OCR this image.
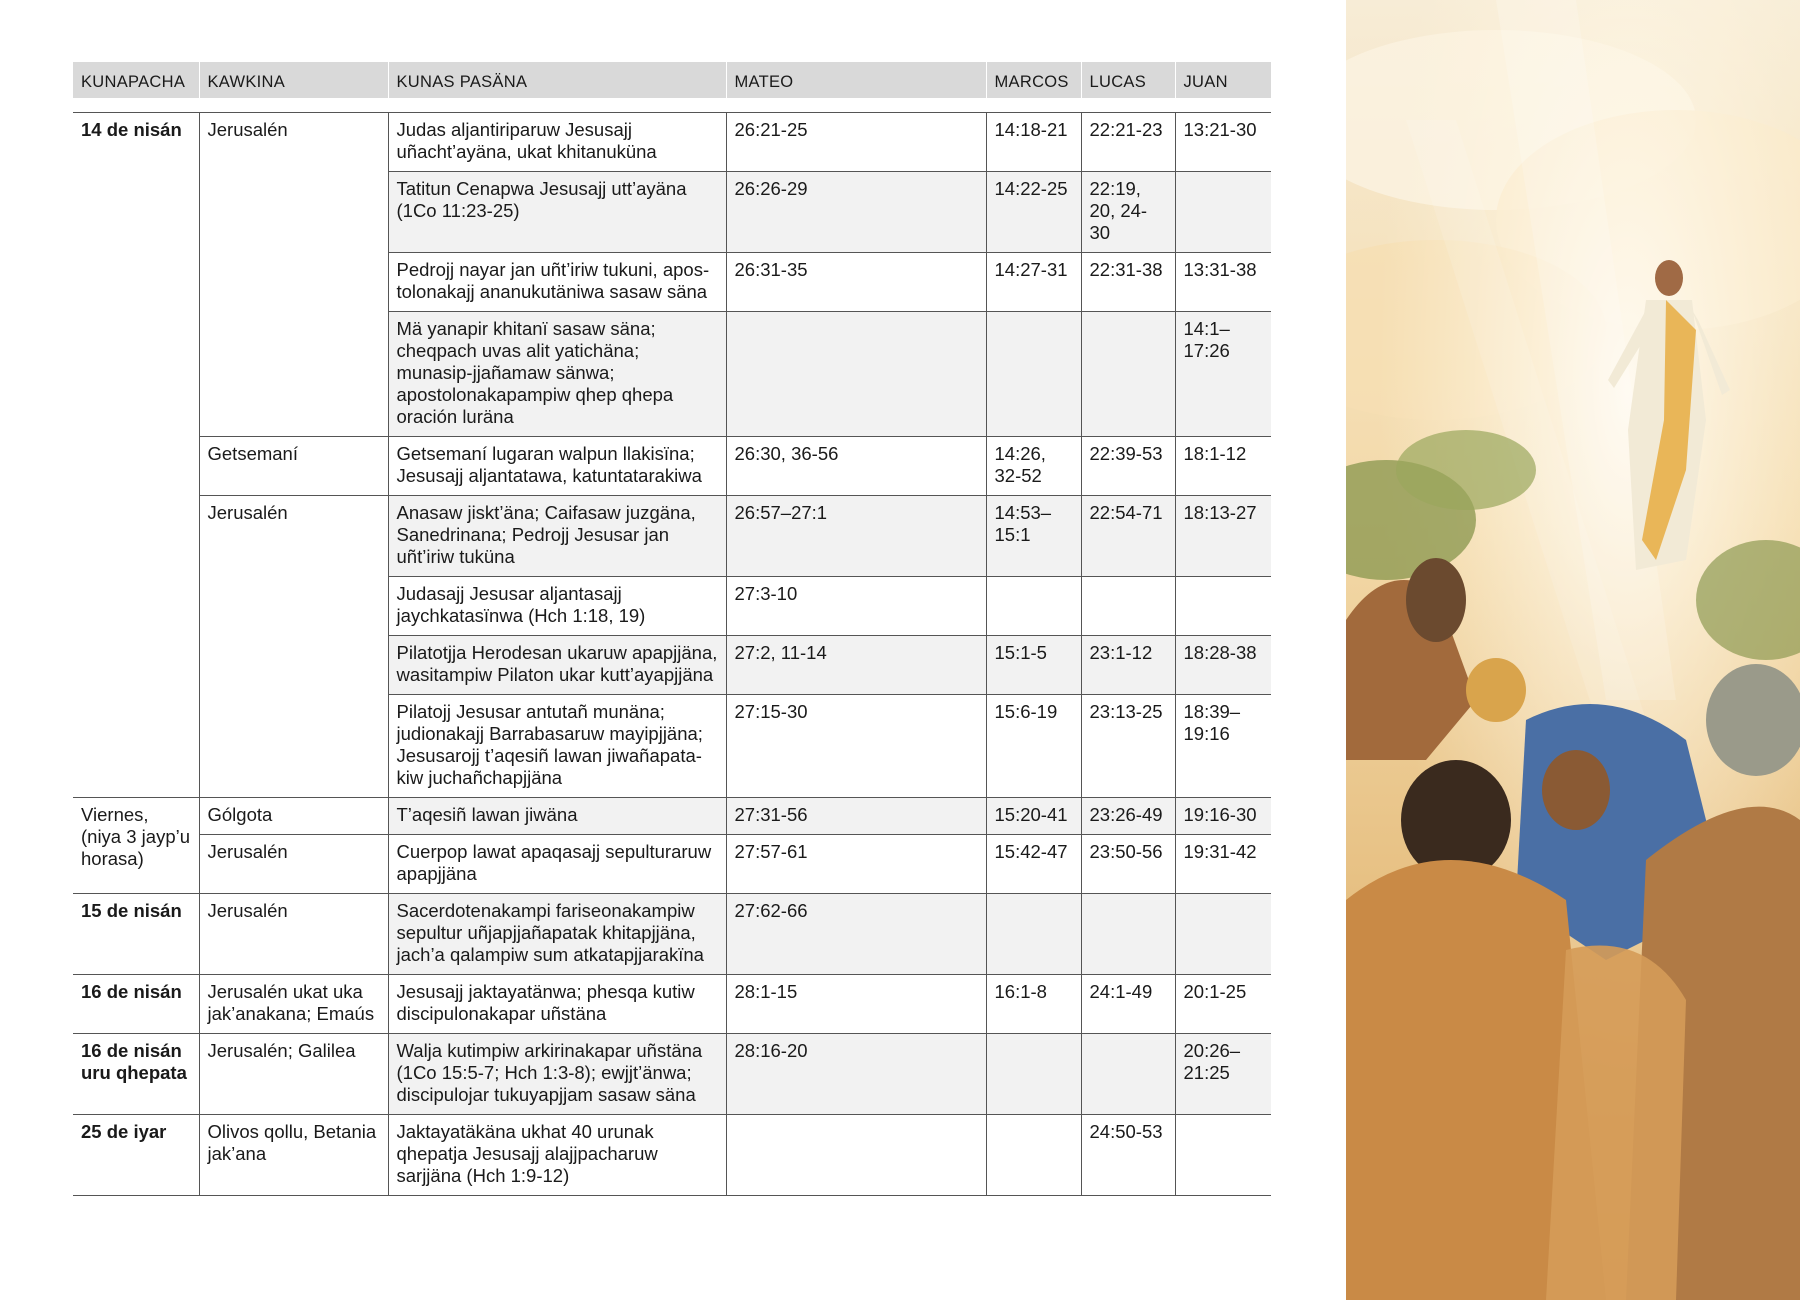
KUNAPACHA	KAWKINA	KUNAS PASÄNA	MATEO	MARCOS	LUCAS	JUAN

14 de nisán	Jerusalén	Judas aljantiriparuw Jesusajj uñacht’ayäna, ukat khitanuküna	26:21-25	14:18-21	22:21-23	13:21-30
		Tatitun Cenapwa Jesusajj utt’ayäna (1Co 11:23-25)	26:26-29	14:22-25	22:19, 20, 24-30	
		Pedrojj nayar jan uñt’iriw tukuni, apos-tolonakajj ananukutäniwa sasaw säna	26:31-35	14:27-31	22:31-38	13:31-38
		Mä yanapir khitanï sasaw säna; cheqpach uvas alit yatichäna; munasip-jjañamaw sänwa; apostolonakapampiw qhep qhepa oración luräna				14:1–17:26
	Getsemaní	Getsemaní lugaran walpun llakisïna; Jesusajj aljantatawa, katuntatarakiwa	26:30, 36-56	14:26, 32-52	22:39-53	18:1-12
	Jerusalén	Anasaw jiskt’äna; Caifasaw juzgäna, Sanedrinana; Pedrojj Jesusar jan uñt’iriw tuküna	26:57–27:1	14:53–15:1	22:54-71	18:13-27
		Judasajj Jesusar aljantasajj jaychkatasïnwa (Hch 1:18, 19)	27:3-10			
		Pilatotjja Herodesan ukaruw apapjjäna, wasitampiw Pilaton ukar kutt’ayapjjäna	27:2, 11-14	15:1-5	23:1-12	18:28-38
		Pilatojj Jesusar antutañ munäna; judionakajj Barrabasaruw mayipjjäna; Jesusarojj t’aqesiñ lawan jiwañapata-kiw juchañchapjjäna	27:15-30	15:6-19	23:13-25	18:39–19:16
Viernes, (niya 3 jayp’u horasa)	Gólgota	T’aqesiñ lawan jiwäna	27:31-56	15:20-41	23:26-49	19:16-30
	Jerusalén	Cuerpop lawat apaqasajj sepulturaruw apapjjäna	27:57-61	15:42-47	23:50-56	19:31-42
15 de nisán	Jerusalén	Sacerdotenakampi fariseonakampiw sepultur uñjapjjañapatak khitapjjäna, jach’a qalampiw sum atkatapjjarakïna	27:62-66			
16 de nisán	Jerusalén ukat uka jak’anakana; Emaús	Jesusajj jaktayatänwa; phesqa kutiw discipulonakapar uñstäna	28:1-15	16:1-8	24:1-49	20:1-25
16 de nisán uru qhepata	Jerusalén; Galilea	Walja kutimpiw arkirinakapar uñstäna (1Co 15:5-7; Hch 1:3-8); ewjjt’änwa; discipulojar tukuyapjjam sasaw säna	28:16-20			20:26–21:25
25 de iyar	Olivos qollu, Betania jak’ana	Jaktayatäkäna ukhat 40 urunak qhepatja Jesusajj alajjpacharuw sarjjäna (Hch 1:9-12)			24:50-53	
